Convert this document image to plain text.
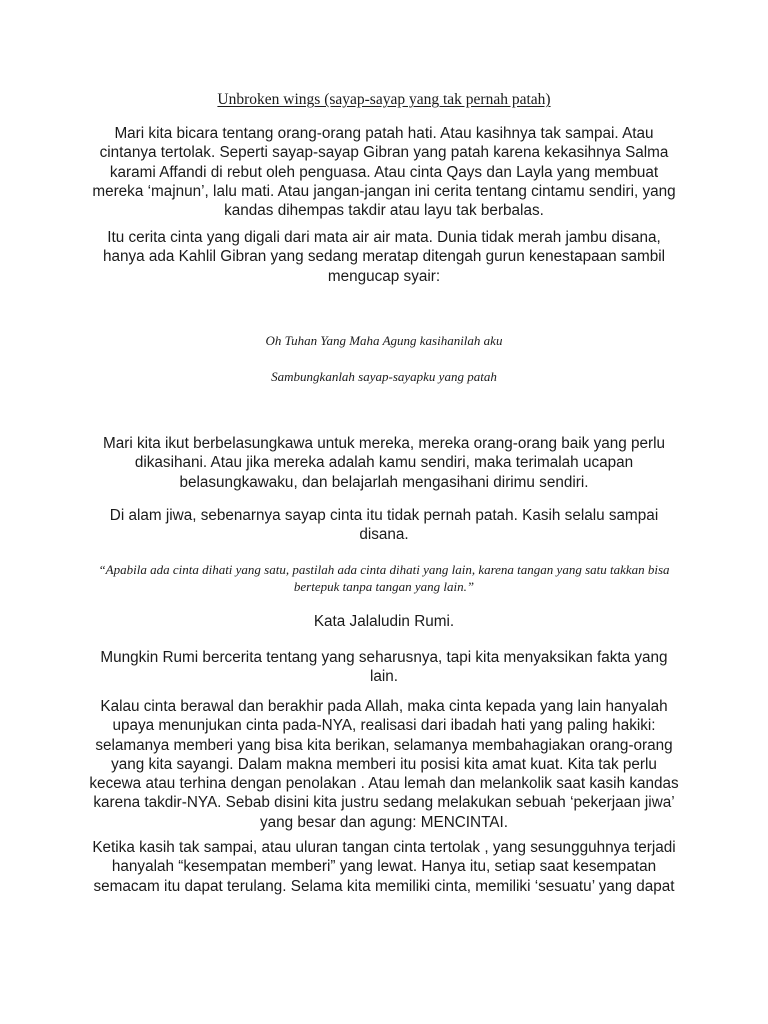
Unbroken wings (sayap-sayap yang tak pernah patah)

Mari kita bicara tentang orang-orang patah hati. Atau kasihnya tak sampai. Atau
cintanya tertolak. Seperti sayap-sayap Gibran yang patah karena kekasihnya Salma
karami Affandi di rebut oleh penguasa. Atau cinta Qays dan Layla yang membuat
mereka ‘majnun’, lalu mati. Atau jangan-jangan ini cerita tentang cintamu sendiri, yang
kandas dihempas takdir atau layu tak berbalas.

Itu cerita cinta yang digali dari mata air air mata. Dunia tidak merah jambu disana,
hanya ada Kahlil Gibran yang sedang meratap ditengah gurun kenestapaan sambil
mengucap syair:

Oh Tuhan Yang Maha Agung kasihanilah aku

Sambungkanlah sayap-sayapku yang patah

Mari kita ikut berbelasungkawa untuk mereka, mereka orang-orang baik yang perlu
dikasihani. Atau jika mereka adalah kamu sendiri, maka terimalah ucapan
belasungkawaku, dan belajarlah mengasihani dirimu sendiri.

Di alam jiwa, sebenarnya sayap cinta itu tidak pernah patah. Kasih selalu sampai
disana.

“Apabila ada cinta dihati yang satu, pastilah ada cinta dihati yang lain, karena tangan yang satu takkan bisa
bertepuk tanpa tangan yang lain.”

Kata Jalaludin Rumi.

Mungkin Rumi bercerita tentang yang seharusnya, tapi kita menyaksikan fakta yang
lain.

Kalau cinta berawal dan berakhir pada Allah, maka cinta kepada yang lain hanyalah
upaya menunjukan cinta pada-NYA, realisasi dari ibadah hati yang paling hakiki:
selamanya memberi yang bisa kita berikan, selamanya membahagiakan orang-orang
yang kita sayangi. Dalam makna memberi itu posisi kita amat kuat. Kita tak perlu
kecewa atau terhina dengan penolakan . Atau lemah dan melankolik saat kasih kandas
karena takdir-NYA. Sebab disini kita justru sedang melakukan sebuah ‘pekerjaan jiwa’
yang besar dan agung: MENCINTAI.

Ketika kasih tak sampai, atau uluran tangan cinta tertolak , yang sesungguhnya terjadi
hanyalah “kesempatan memberi” yang lewat. Hanya itu, setiap saat kesempatan
semacam itu dapat terulang. Selama kita memiliki cinta, memiliki ‘sesuatu’ yang dapat
